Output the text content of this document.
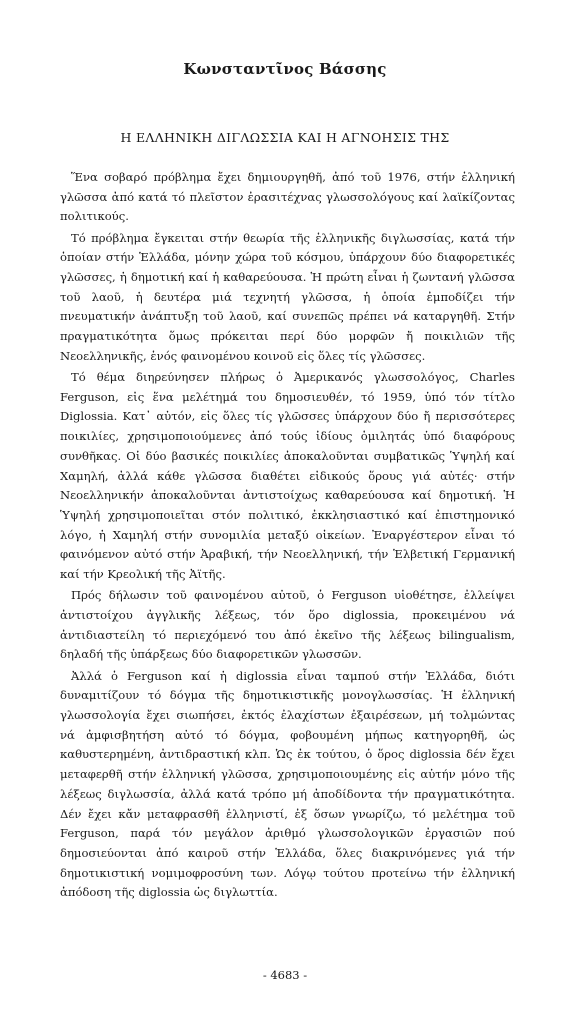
Κωνσταντῖνος Βάσσης
Η ΕΛΛΗΝΙΚΗ ΔΙΓΛΩΣΣΙΑ ΚΑΙ Η ΑΓΝΟΗΣΙΣ ΤΗΣ

Ἕνα σοβαρό πρόβλημα ἔχει δημιουργηθῆ, ἀπό τοῦ 1976, στήν ἑλληνική γλῶσσα ἀπό κατά τό πλεῖστον ἐρασιτέχνας γλωσσολόγους καί λαϊκίζοντας πολιτικούς.

Τό πρόβλημα ἔγκειται στήν θεωρία τῆς ἑλληνικῆς διγλωσσίας, κατά τήν ὁποίαν στήν Ἑλλάδα, μόνην χώρα τοῦ κόσμου, ὑπάρχουν δύο διαφορετικές γλῶσσες, ἡ δημοτική καί ἡ καθαρεύουσα. Ἡ πρώτη εἶναι ἡ ζωντανή γλῶσσα τοῦ λαοῦ, ἡ δευτέρα μιά τεχνητή γλῶσσα, ἡ ὁποία ἐμποδίζει τήν πνευματικήν ἀνάπτυξη τοῦ λαοῦ, καί συνεπῶς πρέπει νά καταργηθῆ. Στήν πραγματικότητα ὅμως πρόκειται περί δύο μορφῶν ἤ ποικιλιῶν τῆς Νεοελληνικῆς, ἑνός φαινομένου κοινοῦ εἰς ὅλες τίς γλῶσσες.

Τό θέμα διηρεύνησεν πλήρως ὁ Ἀμερικανός γλωσσολόγος, Charles Ferguson, εἰς ἕνα μελέτημά του δημοσιευθέν, τό 1959, ὑπό τόν τίτλο Diglossia. Κατ᾽ αὐτόν, εἰς ὅλες τίς γλῶσσες ὑπάρχουν δύο ἤ περισσότερες ποικιλίες, χρησιμοποιούμενες ἀπό τούς ἰδίους ὁμιλητάς ὑπό διαφόρους συνθῆκας. Οἱ δύο βασικές ποικιλίες ἀποκαλοῦνται συμβατικῶς Ὑψηλή καί Χαμηλή, ἀλλά κάθε γλῶσσα διαθέτει εἰδικούς ὅρους γιά αὐτές· στήν Νεοελληνικήν ἀποκαλοῦνται ἀντιστοίχως καθαρεύουσα καί δημοτική. Ἡ Ὑψηλή χρησιμοποιεῖται στόν πολιτικό, ἐκκλησιαστικό καί ἐπιστημονικό λόγο, ἡ Χαμηλή στήν συνομιλία μεταξύ οἰκείων. Ἐναργέστερον εἶναι τό φαινόμενον αὐτό στήν Ἀραβική, τήν Νεοελληνική, τήν Ἑλβετική Γερμανική καί τήν Κρεολική τῆς Ἀϊτῆς.

Πρός δήλωσιν τοῦ φαινομένου αὐτοῦ, ὁ Ferguson υἱοθέτησε, ἐλλείψει ἀντιστοίχου ἀγγλικῆς λέξεως, τόν ὅρο diglossia, προκειμένου νά ἀντιδιαστείλη τό περιεχόμενό του ἀπό ἐκεῖνο τῆς λέξεως bilingualism, δηλαδή τῆς ὑπάρξεως δύο διαφορετικῶν γλωσσῶν.

Ἀλλά ὁ Ferguson καί ἡ diglossia εἶναι ταμπού στήν Ἑλλάδα, διότι δυναμιτίζουν τό δόγμα τῆς δημοτικιστικῆς μονογλωσσίας. Ἡ ἑλληνική γλωσσολογία ἔχει σιωπήσει, ἐκτός ἐλαχίστων ἐξαιρέσεων, μή τολμώντας νά ἀμφισβητήση αὐτό τό δόγμα, φοβουμένη μήπως κατηγορηθῆ, ὡς καθυστερημένη, ἀντιδραστική κλπ. Ὡς ἐκ τούτου, ὁ ὅρος diglossia δέν ἔχει μεταφερθῆ στήν ἑλληνική γλῶσσα, χρησιμοποιουμένης εἰς αὐτήν μόνο τῆς λέξεως διγλωσσία, ἀλλά κατά τρόπο μή ἀποδίδοντα τήν πραγματικότητα. Δέν ἔχει κἄν μεταφρασθῆ ἑλληνιστί, ἐξ ὅσων γνωρίζω, τό μελέτημα τοῦ Ferguson, παρά τόν μεγάλον ἀριθμό γλωσσολογικῶν ἐργασιῶν πού δημοσιεύονται ἀπό καιροῦ στήν Ἑλλάδα, ὅλες διακρινόμενες γιά τήν δημοτικιστική νομιμοφροσύνη των. Λόγῳ τούτου προτείνω τήν ἑλληνική ἀπόδοση τῆς diglossia ὡς διγλωττία.

- 4683 -
